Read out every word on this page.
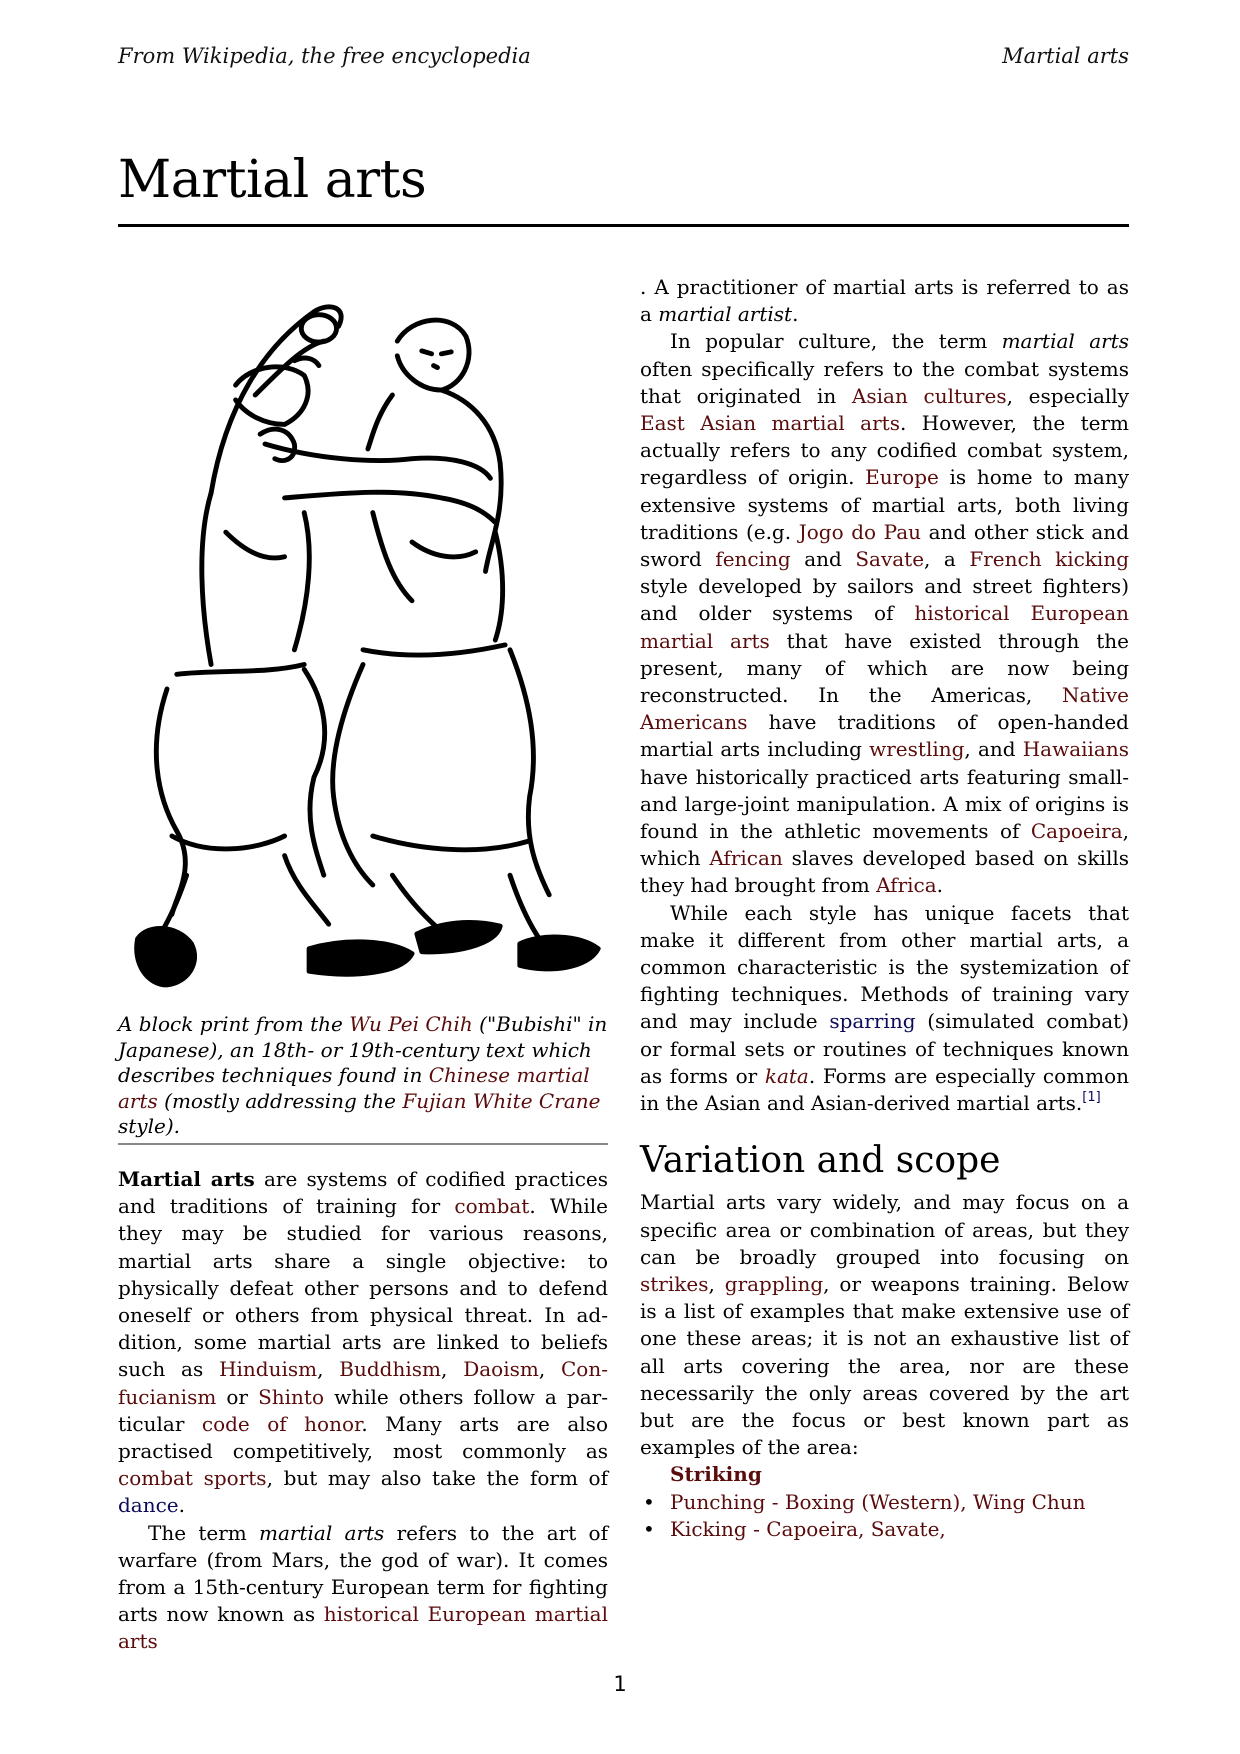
From Wikipedia, the free encyclopedia	Martial arts
Martial arts
A block print from the Wu Pei Chih ("Bubishi" in Japanese), an 18th- or 19th-century text which describes techniques found in Chinese martial arts (mostly addressing the Fujian White Crane style).

Martial arts are systems of codified practices and traditions of training for combat. While they may be studied for various reasons, martial arts share a single objective: to physically defeat other persons and to defend oneself or others from physical threat. In addition, some martial arts are linked to beliefs such as Hinduism, Buddhism, Daoism, Confucianism or Shinto while others follow a particular code of honor. Many arts are also practised competitively, most commonly as combat sports, but may also take the form of dance.

The term martial arts refers to the art of warfare (from Mars, the god of war). It comes from a 15th-century European term for fighting arts now known as historical European martial arts

. A practitioner of martial arts is referred to as a martial artist.

In popular culture, the term martial arts often specifically refers to the combat systems that originated in Asian cultures, especially East Asian martial arts. However, the term actually refers to any codified combat system, regardless of origin. Europe is home to many extensive systems of martial arts, both living traditions (e.g. Jogo do Pau and other stick and sword fencing and Savate, a French kicking style developed by sailors and street fighters) and older systems of historical European martial arts that have existed through the present, many of which are now being reconstructed. In the Americas, Native Americans have traditions of open-handed martial arts including wrestling, and Hawaiians have historically practiced arts featuring small- and large-joint manipulation. A mix of origins is found in the athletic movements of Capoeira, which African slaves developed based on skills they had brought from Africa.

While each style has unique facets that make it different from other martial arts, a common characteristic is the systemization of fighting techniques. Methods of training vary and may include sparring (simulated combat) or formal sets or routines of techniques known as forms or kata. Forms are especially common in the Asian and Asian-derived martial arts.[1]

Variation and scope

Martial arts vary widely, and may focus on a specific area or combination of areas, but they can be broadly grouped into focusing on strikes, grappling, or weapons training. Below is a list of examples that make extensive use of one these areas; it is not an exhaustive list of all arts covering the area, nor are these necessarily the only areas covered by the art but are the focus or best known part as examples of the area:

Striking
• Punching - Boxing (Western), Wing Chun
• Kicking - Capoeira, Savate,
1
